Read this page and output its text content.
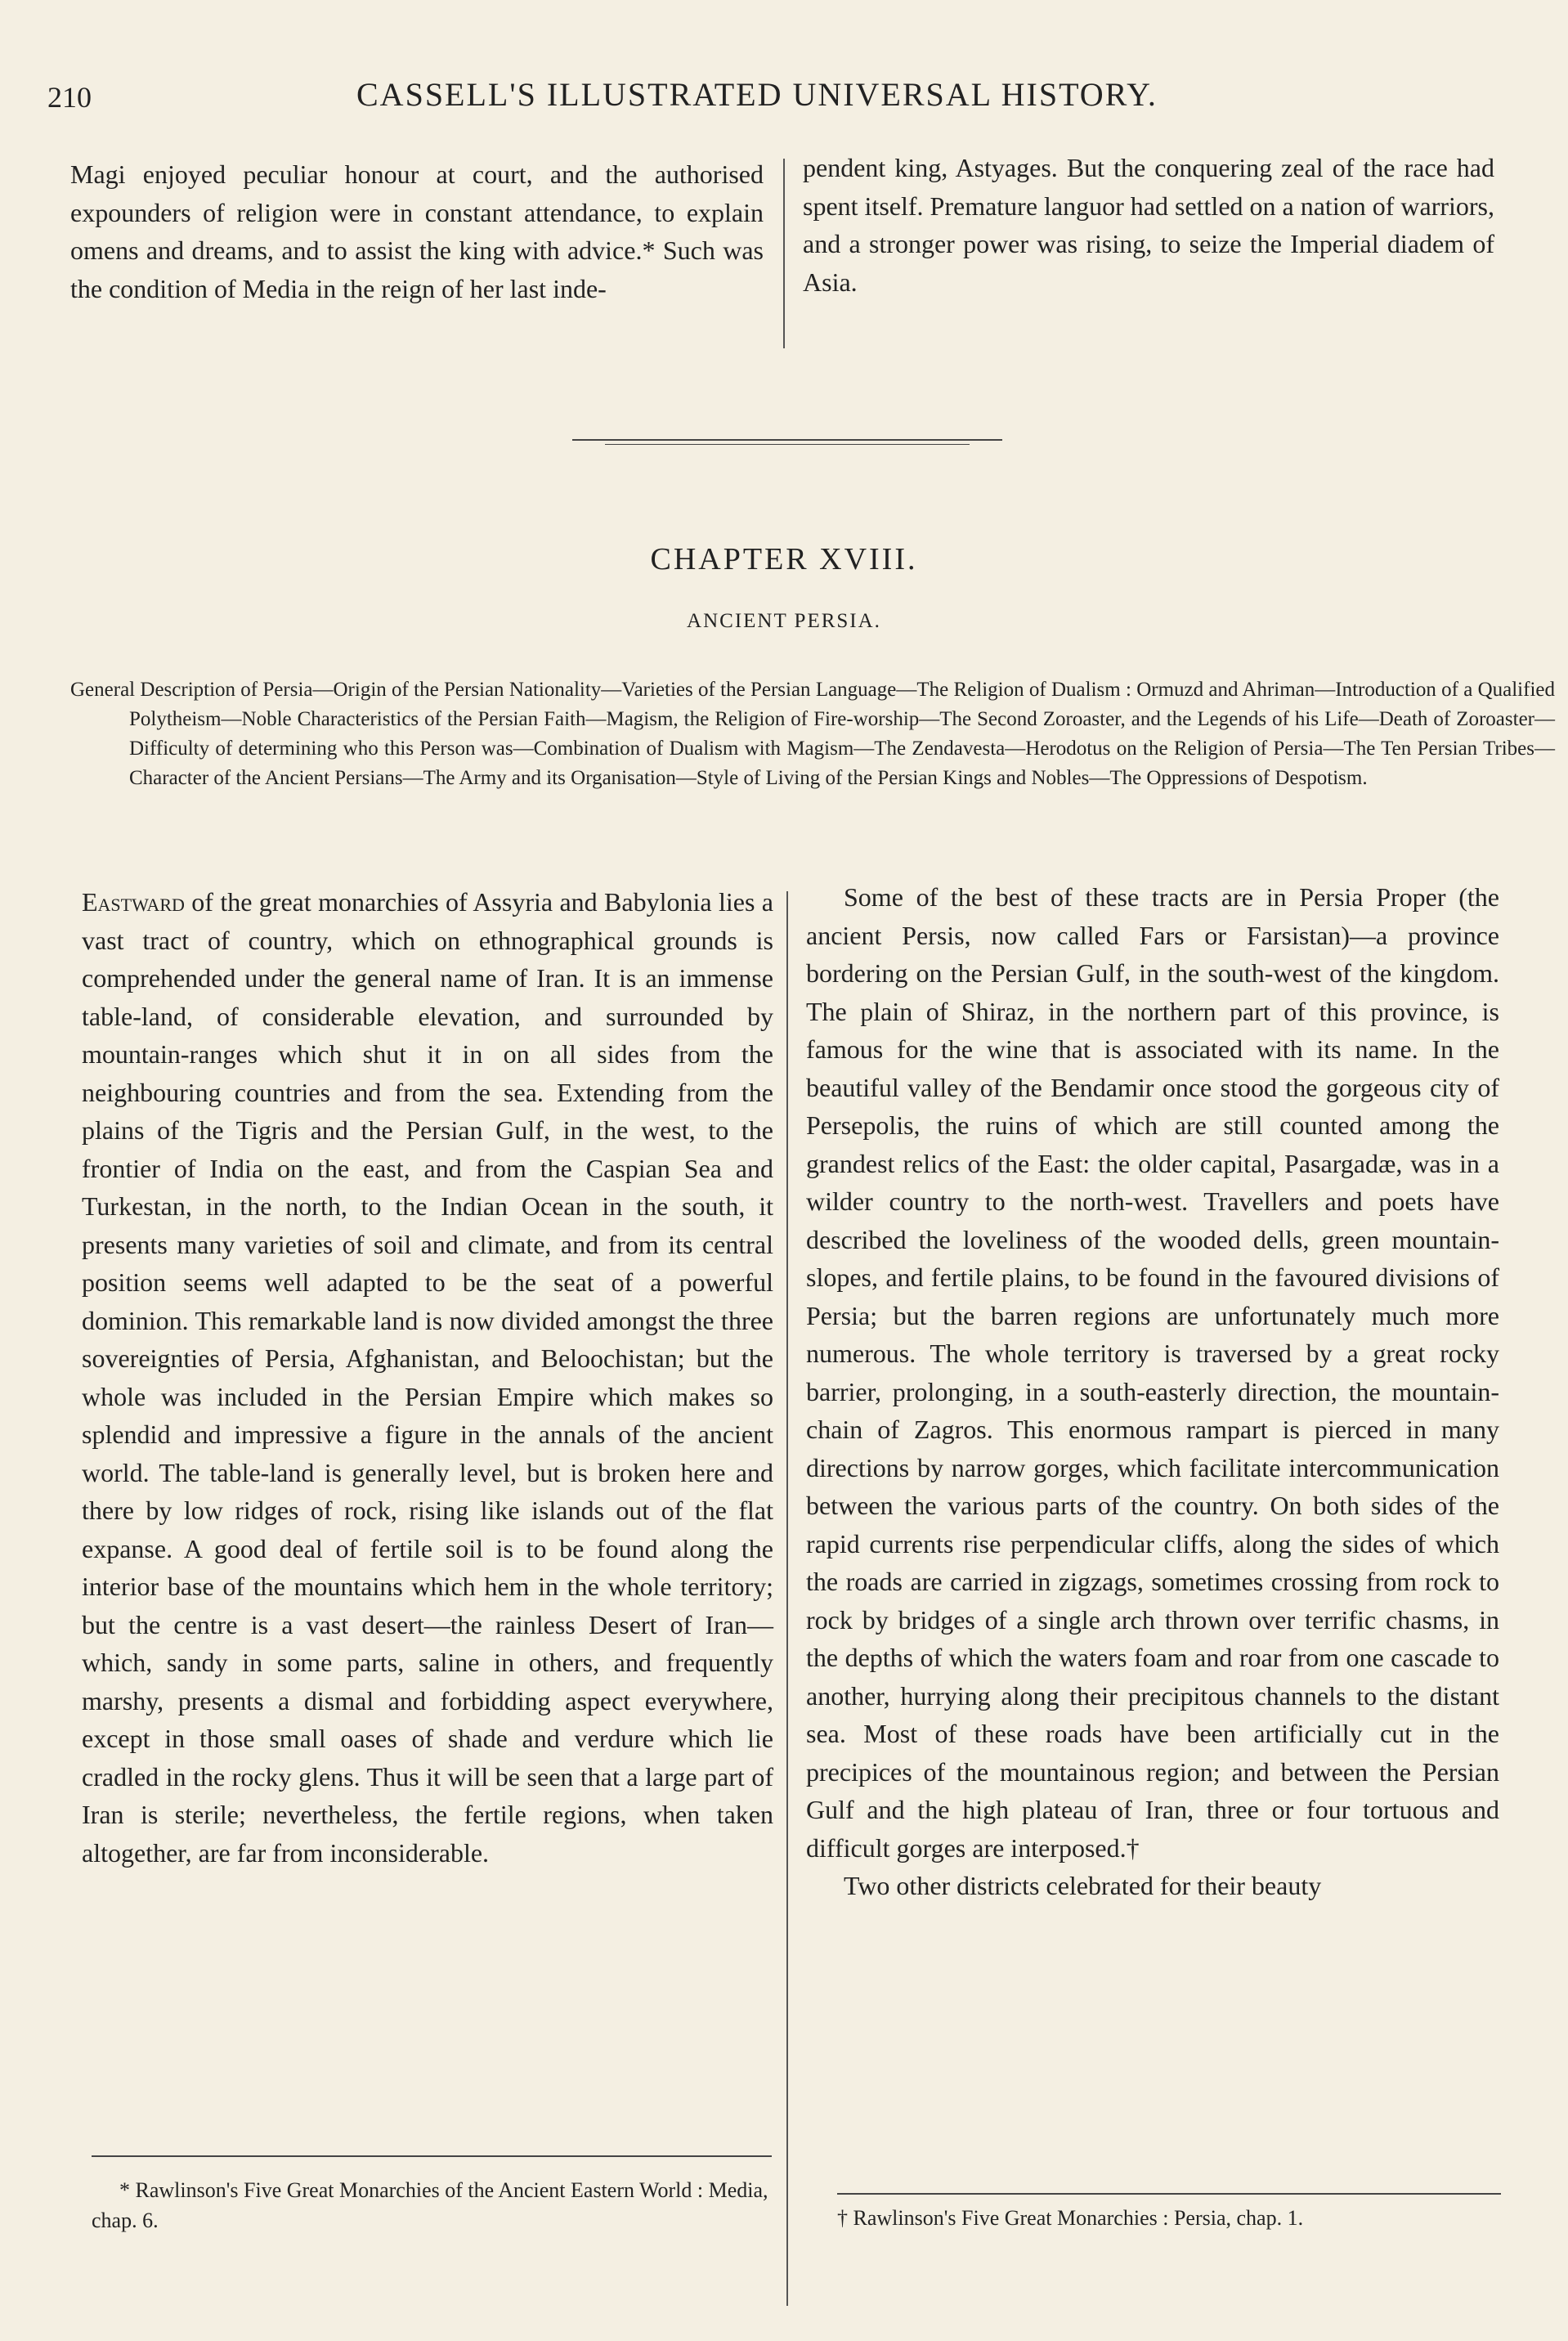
210	CASSELL'S ILLUSTRATED UNIVERSAL HISTORY.

Magi enjoyed peculiar honour at court, and the authorised expounders of religion were in constant attendance, to explain omens and dreams, and to assist the king with advice.* Such was the condition of Media in the reign of her last inde-

pendent king, Astyages. But the conquering zeal of the race had spent itself. Premature languor had settled on a nation of warriors, and a stronger power was rising, to seize the Imperial diadem of Asia.

CHAPTER XVIII.
ANCIENT PERSIA.
General Description of Persia—Origin of the Persian Nationality—Varieties of the Persian Language—The Religion of Dualism : Ormuzd and Ahriman—Introduction of a Qualified Polytheism—Noble Characteristics of the Persian Faith—Magism, the Religion of Fire-worship—The Second Zoroaster, and the Legends of his Life—Death of Zoroaster—Difficulty of determining who this Person was—Combination of Dualism with Magism—The Zendavesta—Herodotus on the Religion of Persia—The Ten Persian Tribes—Character of the Ancient Persians—The Army and its Organisation—Style of Living of the Persian Kings and Nobles—The Oppressions of Despotism.

Eastward of the great monarchies of Assyria and Babylonia lies a vast tract of country, which on ethnographical grounds is comprehended under the general name of Iran. It is an immense table-land, of considerable elevation, and surrounded by mountain-ranges which shut it in on all sides from the neighbouring countries and from the sea. Extending from the plains of the Tigris and the Persian Gulf, in the west, to the frontier of India on the east, and from the Caspian Sea and Turkestan, in the north, to the Indian Ocean in the south, it presents many varieties of soil and climate, and from its central position seems well adapted to be the seat of a powerful dominion. This remarkable land is now divided amongst the three sovereignties of Persia, Afghanistan, and Beloochistan; but the whole was included in the Persian Empire which makes so splendid and impressive a figure in the annals of the ancient world. The table-land is generally level, but is broken here and there by low ridges of rock, rising like islands out of the flat expanse. A good deal of fertile soil is to be found along the interior base of the mountains which hem in the whole territory; but the centre is a vast desert—the rainless Desert of Iran—which, sandy in some parts, saline in others, and frequently marshy, presents a dismal and forbidding aspect everywhere, except in those small oases of shade and verdure which lie cradled in the rocky glens. Thus it will be seen that a large part of Iran is sterile; nevertheless, the fertile regions, when taken altogether, are far from inconsiderable.

Some of the best of these tracts are in Persia Proper (the ancient Persis, now called Fars or Farsistan)—a province bordering on the Persian Gulf, in the south-west of the kingdom. The plain of Shiraz, in the northern part of this province, is famous for the wine that is associated with its name. In the beautiful valley of the Bendamir once stood the gorgeous city of Persepolis, the ruins of which are still counted among the grandest relics of the East: the older capital, Pasargadæ, was in a wilder country to the north-west. Travellers and poets have described the loveliness of the wooded dells, green mountain-slopes, and fertile plains, to be found in the favoured divisions of Persia; but the barren regions are unfortunately much more numerous. The whole territory is traversed by a great rocky barrier, prolonging, in a south-easterly direction, the mountain-chain of Zagros. This enormous rampart is pierced in many directions by narrow gorges, which facilitate intercommunication between the various parts of the country. On both sides of the rapid currents rise perpendicular cliffs, along the sides of which the roads are carried in zigzags, sometimes crossing from rock to rock by bridges of a single arch thrown over terrific chasms, in the depths of which the waters foam and roar from one cascade to another, hurrying along their precipitous channels to the distant sea. Most of these roads have been artificially cut in the precipices of the mountainous region; and between the Persian Gulf and the high plateau of Iran, three or four tortuous and difficult gorges are interposed.†

Two other districts celebrated for their beauty

* Rawlinson's Five Great Monarchies of the Ancient Eastern World : Media, chap. 6.	† Rawlinson's Five Great Monarchies : Persia, chap. 1.
